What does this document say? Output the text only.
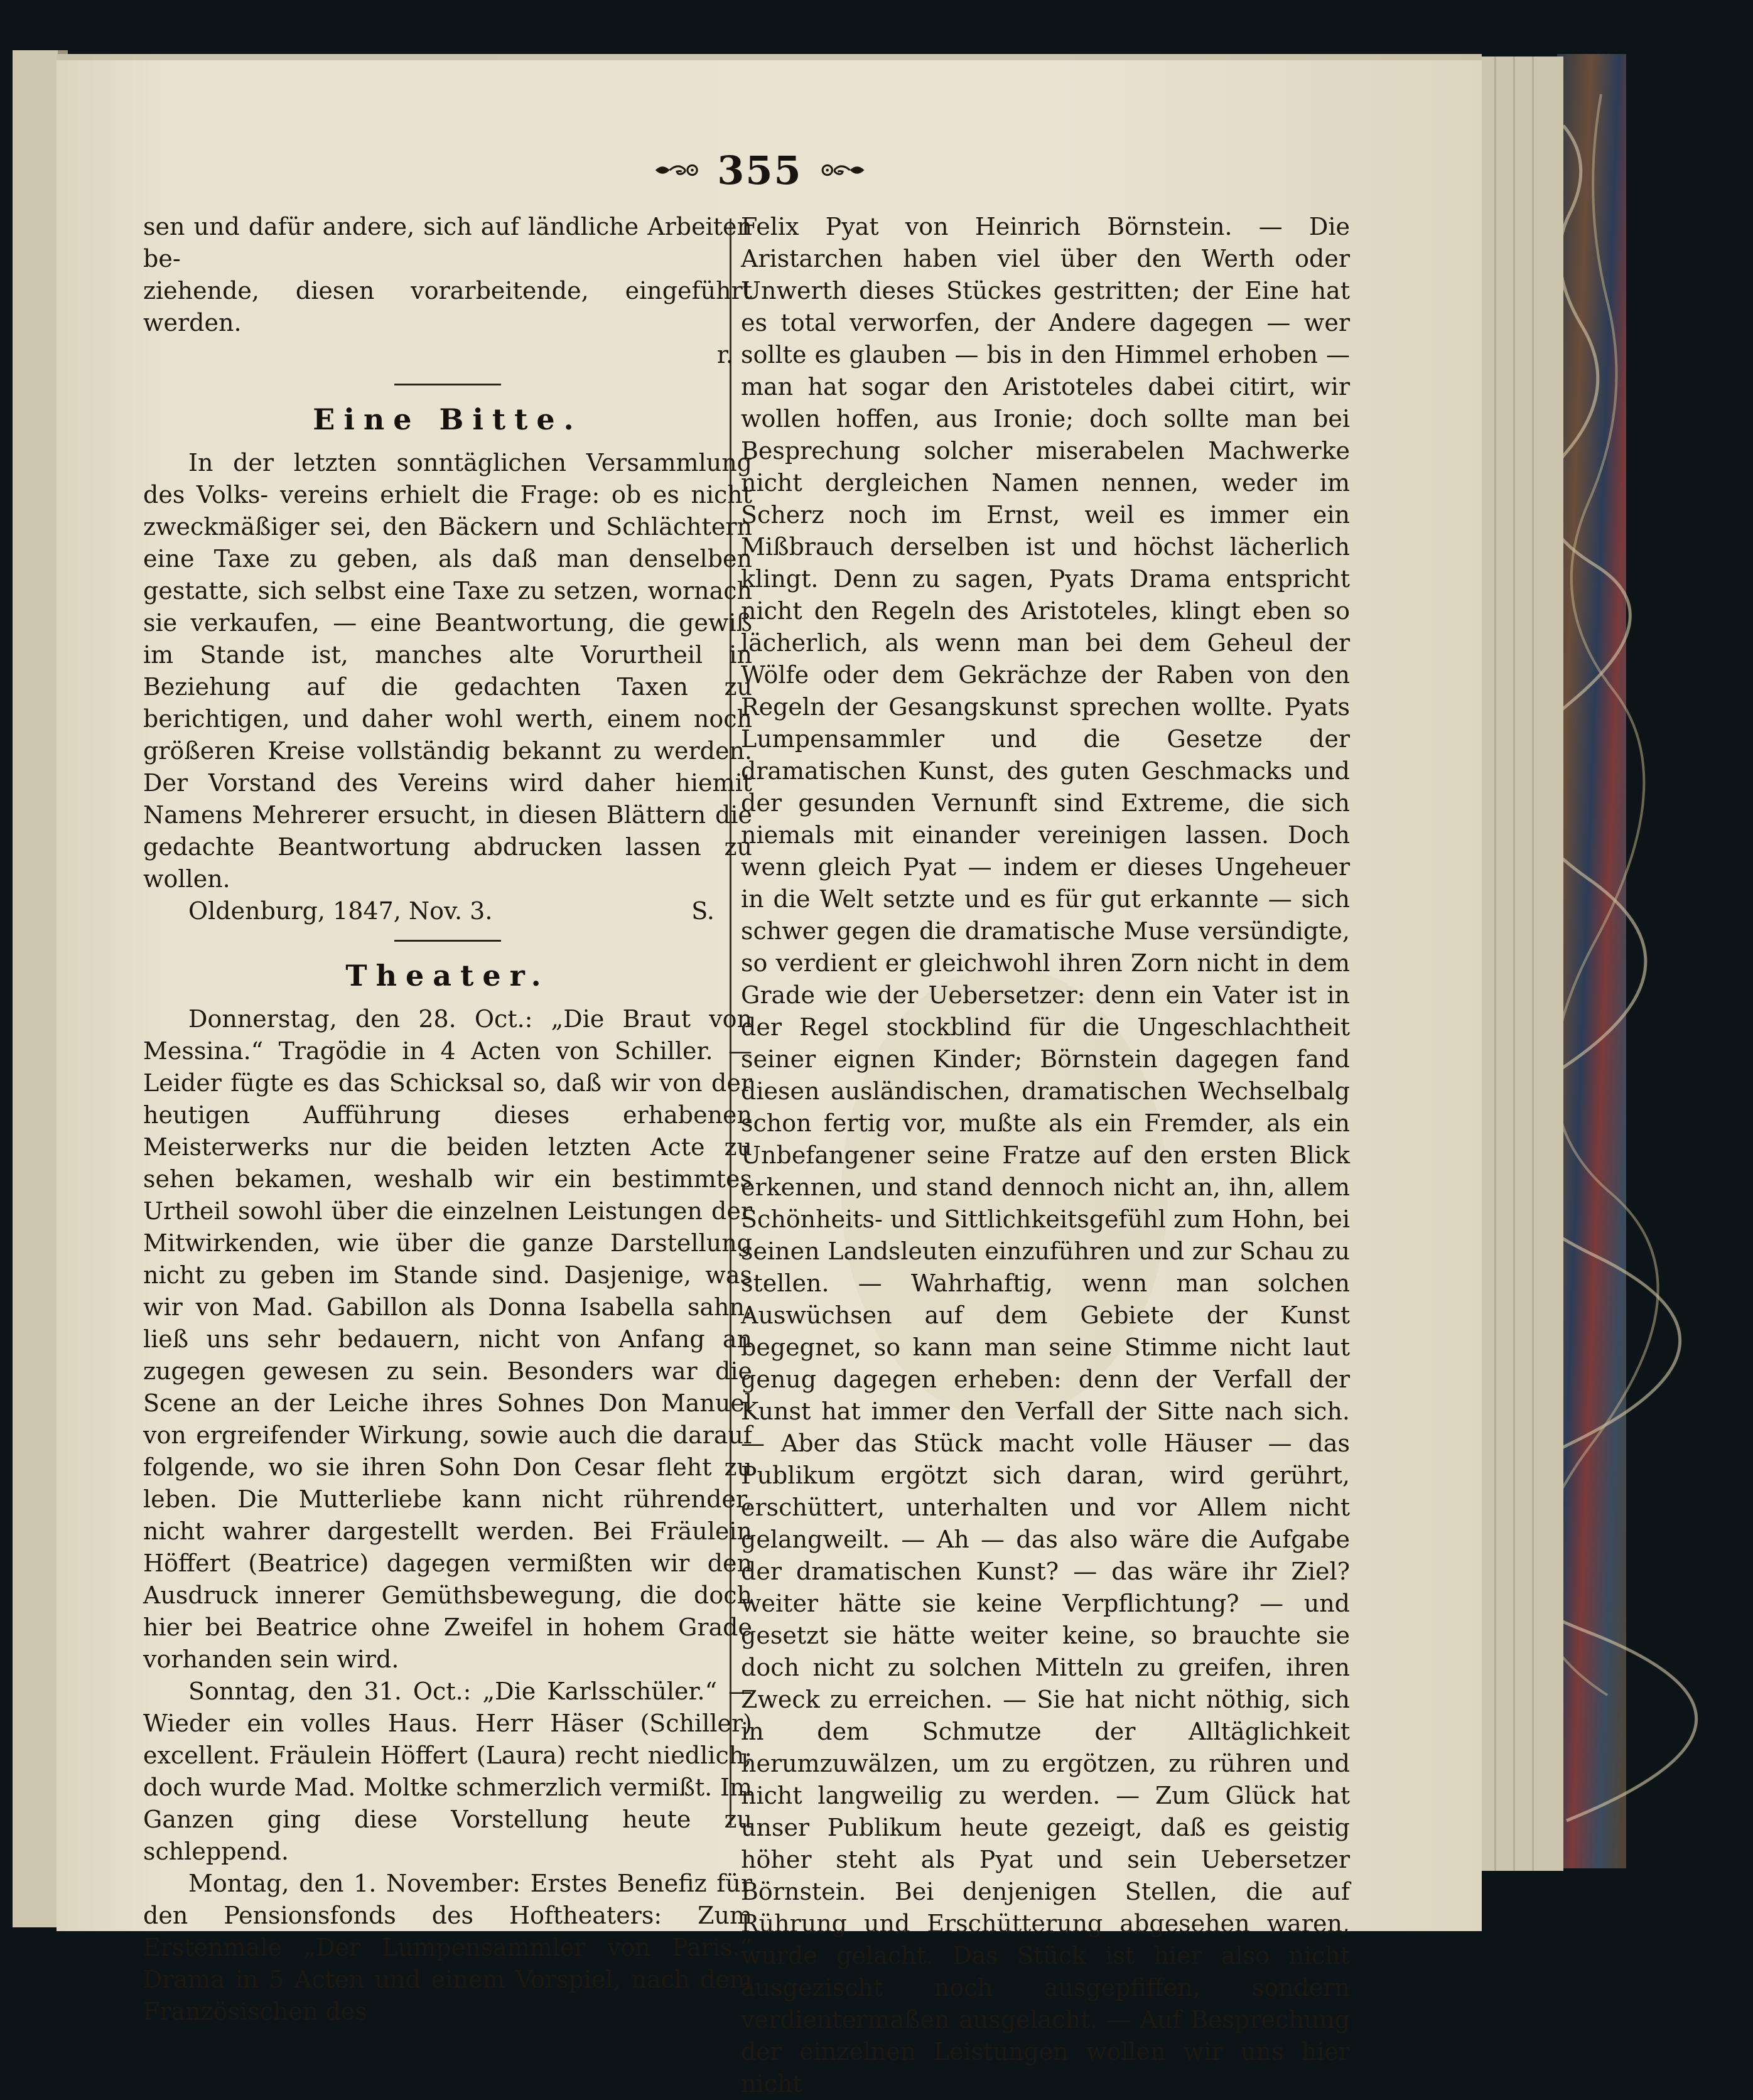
355

sen und dafür andere, sich auf ländliche Arbeiten be-

ziehende, diesen vorarbeitende, eingeführt werden.

r.

Eine Bitte.

In der letzten sonntäglichen Versammlung des Volks- vereins erhielt die Frage: ob es nicht zweckmäßiger sei, den Bäckern und Schlächtern eine Taxe zu geben, als daß man denselben gestatte, sich selbst eine Taxe zu setzen, wornach sie verkaufen, — eine Beantwortung, die gewiß im Stande ist, manches alte Vorurtheil in Beziehung auf die gedachten Taxen zu berichtigen, und daher wohl werth, einem noch größeren Kreise vollständig bekannt zu werden. Der Vorstand des Vereins wird daher hiemit Namens Mehrerer ersucht, in diesen Blättern die gedachte Beantwortung abdrucken lassen zu wollen.

Oldenburg, 1847, Nov. 3.	S.
Theater.

Donnerstag, den 28. Oct.: „Die Braut von Messina.“ Tragödie in 4 Acten von Schiller. — Leider fügte es das Schicksal so, daß wir von der heutigen Aufführung dieses erhabenen Meisterwerks nur die beiden letzten Acte zu sehen bekamen, weshalb wir ein bestimmtes Urtheil sowohl über die einzelnen Leistungen der Mitwirkenden, wie über die ganze Darstellung nicht zu geben im Stande sind. Dasjenige, was wir von Mad. Gabillon als Donna Isabella sahn, ließ uns sehr bedauern, nicht von Anfang an zugegen gewesen zu sein. Besonders war die Scene an der Leiche ihres Sohnes Don Manuel von ergreifender Wirkung, sowie auch die darauf folgende, wo sie ihren Sohn Don Cesar fleht zu leben. Die Mutterliebe kann nicht rührender, nicht wahrer dargestellt werden. Bei Fräulein Höffert (Beatrice) dagegen vermißten wir den Ausdruck innerer Gemüthsbewegung, die doch hier bei Beatrice ohne Zweifel in hohem Grade vorhanden sein wird.

Sonntag, den 31. Oct.: „Die Karlsschüler.“ — Wieder ein volles Haus. Herr Häser (Schiller) excellent. Fräulein Höffert (Laura) recht niedlich; doch wurde Mad. Moltke schmerzlich vermißt. Im Ganzen ging diese Vorstellung heute zu schleppend.

Montag, den 1. November: Erstes Benefiz für den Pensionsfonds des Hoftheaters: Zum Erstenmale „Der Lumpensammler von Paris.“ Drama in 5 Acten und einem Vorspiel, nach dem Französischen des

Felix Pyat von Heinrich Börnstein. — Die Aristarchen haben viel über den Werth oder Unwerth dieses Stückes gestritten; der Eine hat es total verworfen, der Andere dagegen — wer sollte es glauben — bis in den Himmel erhoben — man hat sogar den Aristoteles dabei citirt, wir wollen hoffen, aus Ironie; doch sollte man bei Besprechung solcher miserabelen Machwerke nicht dergleichen Namen nennen, weder im Scherz noch im Ernst, weil es immer ein Mißbrauch derselben ist und höchst lächerlich klingt. Denn zu sagen, Pyats Drama entspricht nicht den Regeln des Aristoteles, klingt eben so lächerlich, als wenn man bei dem Geheul der Wölfe oder dem Gekrächze der Raben von den Regeln der Gesangskunst sprechen wollte. Pyats Lumpensammler und die Gesetze der dramatischen Kunst, des guten Geschmacks und der gesunden Vernunft sind Extreme, die sich niemals mit einander vereinigen lassen. Doch wenn gleich Pyat — indem er dieses Ungeheuer in die Welt setzte und es für gut erkannte — sich schwer gegen die dramatische Muse versündigte, so verdient er gleichwohl ihren Zorn nicht in dem Grade wie der Uebersetzer: denn ein Vater ist in der Regel stockblind für die Ungeschlachtheit seiner eignen Kinder; Börnstein dagegen fand diesen ausländischen, dramatischen Wechselbalg schon fertig vor, mußte als ein Fremder, als ein Unbefangener seine Fratze auf den ersten Blick erkennen, und stand dennoch nicht an, ihn, allem Schönheits- und Sittlichkeitsgefühl zum Hohn, bei seinen Landsleuten einzuführen und zur Schau zu stellen. — Wahrhaftig, wenn man solchen Auswüchsen auf dem Gebiete der Kunst begegnet, so kann man seine Stimme nicht laut genug dagegen erheben: denn der Verfall der Kunst hat immer den Verfall der Sitte nach sich. — Aber das Stück macht volle Häuser — das Publikum ergötzt sich daran, wird gerührt, erschüttert, unterhalten und vor Allem nicht gelangweilt. — Ah — das also wäre die Aufgabe der dramatischen Kunst? — das wäre ihr Ziel? weiter hätte sie keine Verpflichtung? — und gesetzt sie hätte weiter keine, so brauchte sie doch nicht zu solchen Mitteln zu greifen, ihren Zweck zu erreichen. — Sie hat nicht nöthig, sich in dem Schmutze der Alltäglichkeit herumzuwälzen, um zu ergötzen, zu rühren und nicht langweilig zu werden. — Zum Glück hat unser Publikum heute gezeigt, daß es geistig höher steht als Pyat und sein Uebersetzer Börnstein. Bei denjenigen Stellen, die auf Rührung und Erschütterung abgesehen waren, wurde gelacht. Das Stück ist hier also nicht ausgezischt noch ausgepfiffen, sondern verdientermaßen ausgelacht. — Auf Besprechung der einzelnen Leistungen wollen wir uns hier nicht
